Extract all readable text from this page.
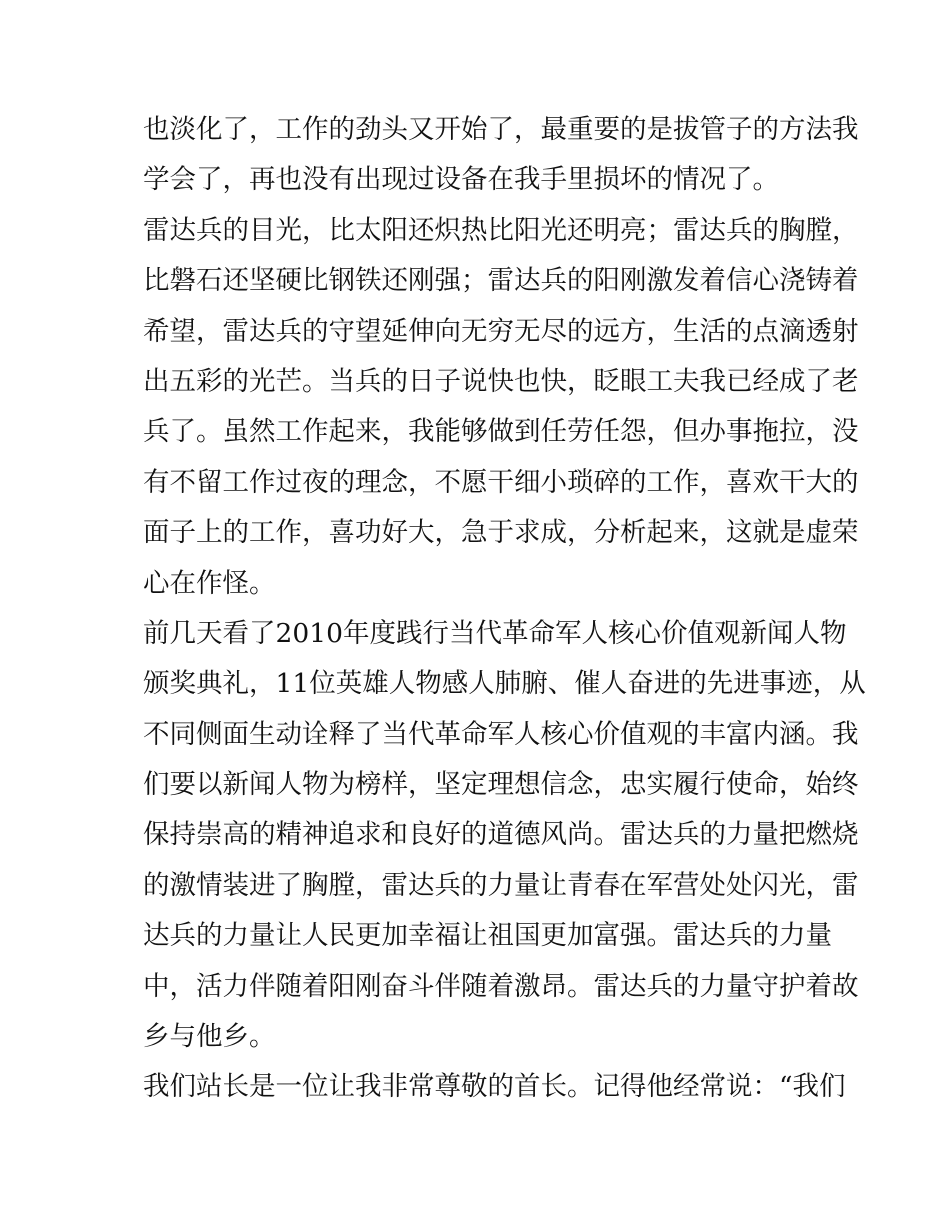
也淡化了，工作的劲头又开始了，最重要的是拔管子的方法我
学会了，再也没有出现过设备在我手里损坏的情况了。
雷达兵的目光，比太阳还炽热比阳光还明亮；雷达兵的胸膛，
比磐石还坚硬比钢铁还刚强；雷达兵的阳刚激发着信心浇铸着
希望，雷达兵的守望延伸向无穷无尽的远方，生活的点滴透射
出五彩的光芒。当兵的日子说快也快，眨眼工夫我已经成了老
兵了。虽然工作起来，我能够做到任劳任怨，但办事拖拉，没
有不留工作过夜的理念，不愿干细小琐碎的工作，喜欢干大的
面子上的工作，喜功好大，急于求成，分析起来，这就是虚荣
心在作怪。
前几天看了2010年度践行当代革命军人核心价值观新闻人物
颁奖典礼，11位英雄人物感人肺腑、催人奋进的先进事迹，从
不同侧面生动诠释了当代革命军人核心价值观的丰富内涵。我
们要以新闻人物为榜样，坚定理想信念，忠实履行使命，始终
保持崇高的精神追求和良好的道德风尚。雷达兵的力量把燃烧
的激情装进了胸膛，雷达兵的力量让青春在军营处处闪光，雷
达兵的力量让人民更加幸福让祖国更加富强。雷达兵的力量
中，活力伴随着阳刚奋斗伴随着激昂。雷达兵的力量守护着故
乡与他乡。
我们站长是一位让我非常尊敬的首长。记得他经常说：“我们
